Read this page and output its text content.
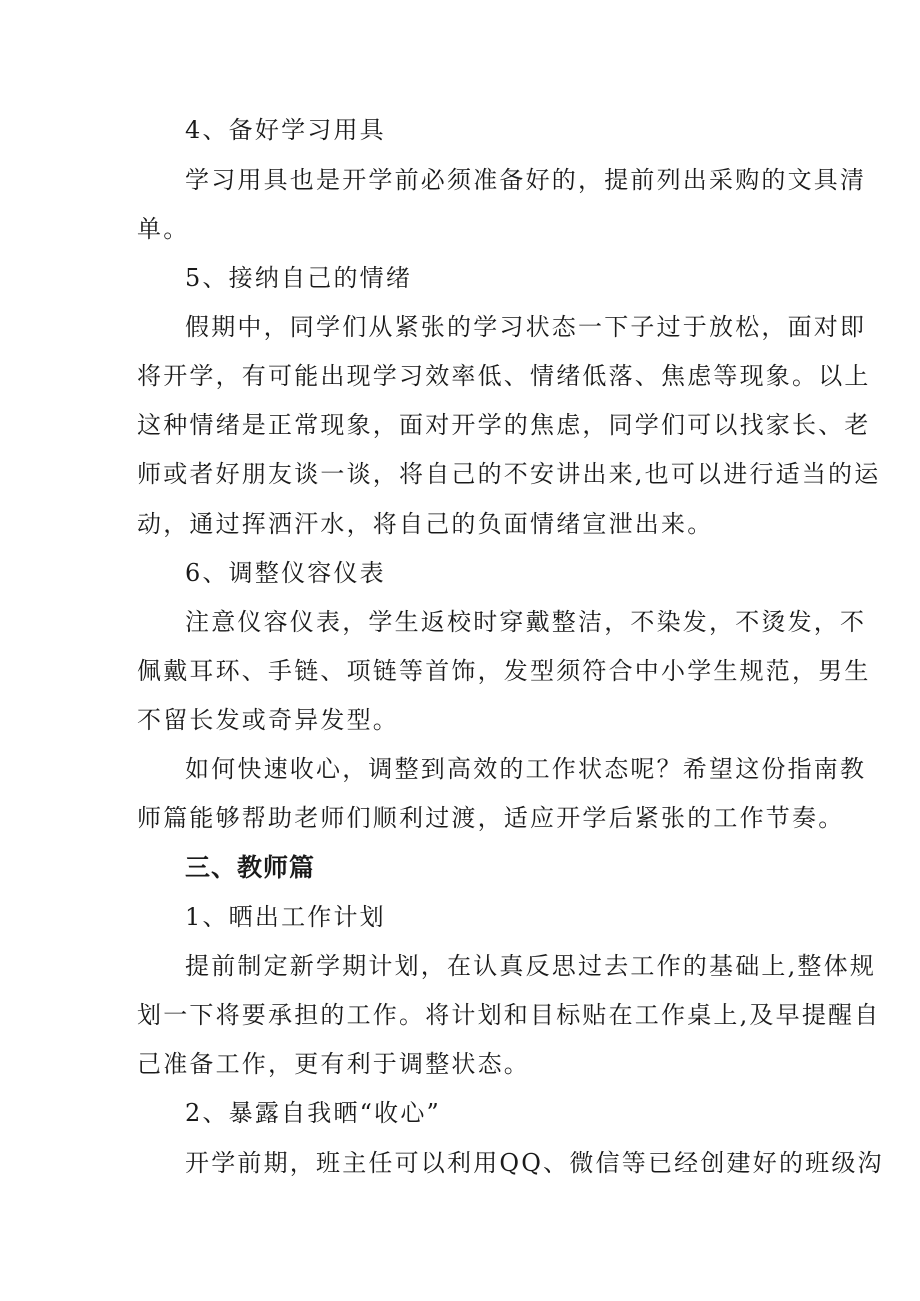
4、备好学习用具
学习用具也是开学前必须准备好的，提前列出采购的文具清
单。
5、接纳自己的情绪
假期中，同学们从紧张的学习状态一下子过于放松，面对即
将开学，有可能出现学习效率低、情绪低落、焦虑等现象。以上
这种情绪是正常现象，面对开学的焦虑，同学们可以找家长、老
师或者好朋友谈一谈，将自己的不安讲出来,也可以进行适当的运
动，通过挥洒汗水，将自己的负面情绪宣泄出来。
6、调整仪容仪表
注意仪容仪表，学生返校时穿戴整洁，不染发，不烫发，不
佩戴耳环、手链、项链等首饰，发型须符合中小学生规范，男生
不留长发或奇异发型。
如何快速收心，调整到高效的工作状态呢？希望这份指南教
师篇能够帮助老师们顺利过渡，适应开学后紧张的工作节奏。
三、教师篇
1、晒出工作计划
提前制定新学期计划，在认真反思过去工作的基础上,整体规
划一下将要承担的工作。将计划和目标贴在工作桌上,及早提醒自
己准备工作，更有利于调整状态。
2、暴露自我晒“收心”
开学前期，班主任可以利用QQ、微信等已经创建好的班级沟
